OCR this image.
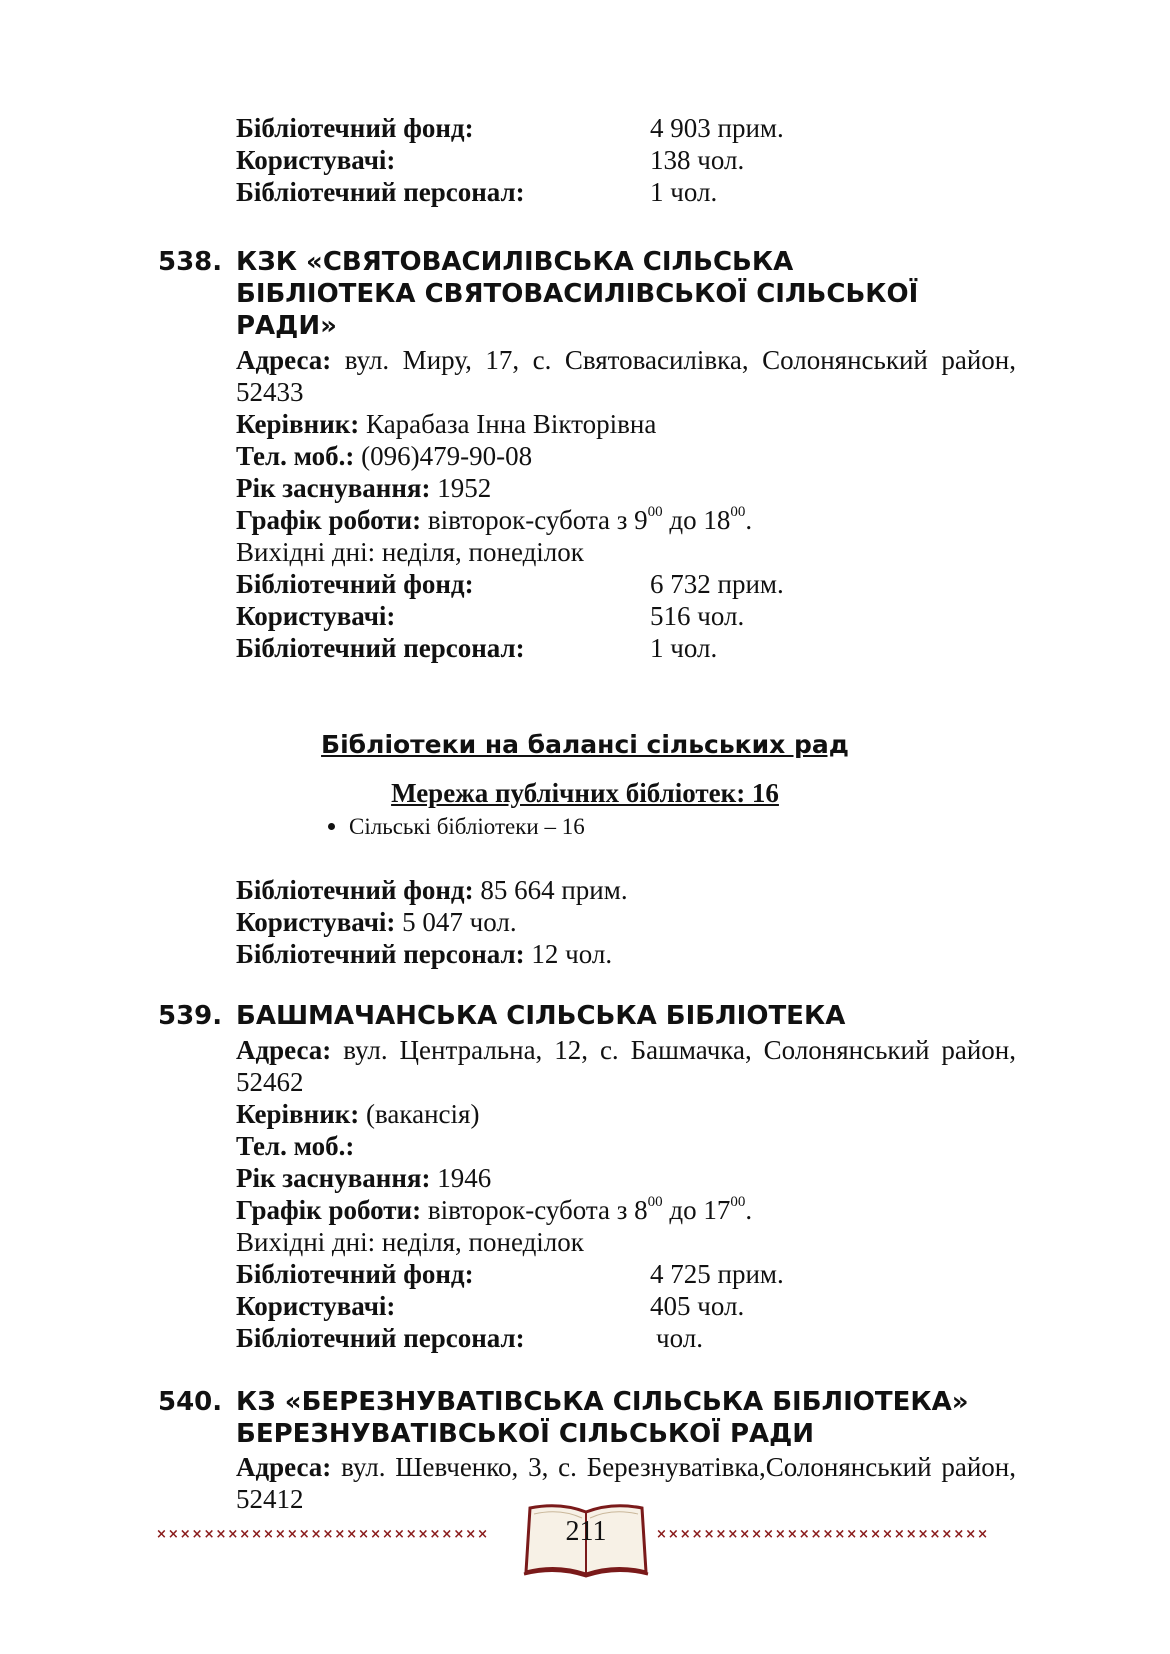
Бібліотечний фонд:	4 903 прим.
Користувачі:	138 чол.
Бібліотечний персонал:	1 чол.
538. КЗК «СВЯТОВАСИЛІВСЬКА СІЛЬСЬКА
БІБЛІОТЕКА СВЯТОВАСИЛІВСЬКОЇ СІЛЬСЬКОЇ
РАДИ»
Адреса: вул. Миру, 17, с. Святовасилівка, Солонянський район, 52433
Керівник: Карабаза Інна Вікторівна
Тел. моб.: (096)479-90-08
Рік заснування: 1952
Графік роботи: вівторок-субота з $9^{00}$ до $18^{00}$.
Вихідні дні: неділя, понеділок
Бібліотечний фонд:	6 732 прим.
Користувачі:	516 чол.
Бібліотечний персонал:	1 чол.
Бібліотеки на балансі сільських рад
Мережа публічних бібліотек: 16
Сільські бібліотеки – 16
Бібліотечний фонд: 85 664 прим.
Користувачі: 5 047 чол.
Бібліотечний персонал: 12 чол.
539. БАШМАЧАНСЬКА СІЛЬСЬКА БІБЛІОТЕКА
Адреса: вул. Центральна, 12, с. Башмачка, Солонянський район, 52462
Керівник: (вакансія)
Тел. моб.:
Рік заснування: 1946
Графік роботи: вівторок-субота з $8^{00}$ до $17^{00}$.
Вихідні дні: неділя, понеділок
Бібліотечний фонд:	4 725 прим.
Користувачі:	405 чол.
Бібліотечний персонал:	чол.
540. КЗ «БЕРЕЗНУВАТІВСЬКА СІЛЬСЬКА БІБЛІОТЕКА»
БЕРЕЗНУВАТІВСЬКОЇ СІЛЬСЬКОЇ РАДИ
Адреса: вул. Шевченко, 3, с. Березнуватівка,Солонянський район, 52412
××××××××××××××××××××××××××××	××××××××××××××××××××××××××××
211
